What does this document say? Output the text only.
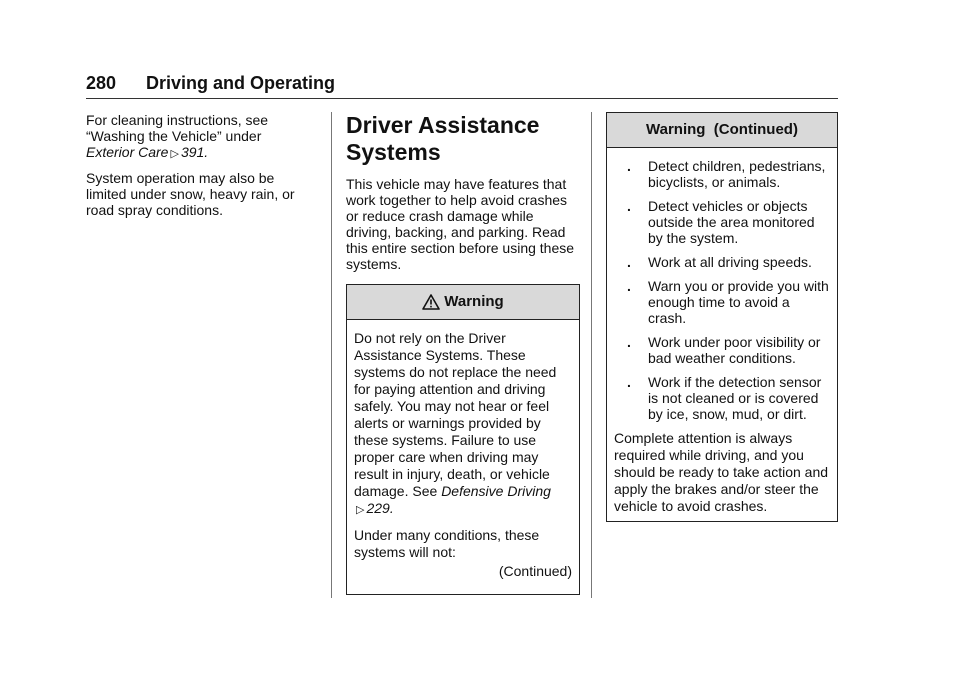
280 Driving and Operating

For cleaning instructions, see “Washing the Vehicle” under
Exterior Care ▷ 391.

System operation may also be limited under snow, heavy rain, or road spray conditions.

Driver Assistance Systems

This vehicle may have features that work together to help avoid crashes or reduce crash damage while driving, backing, and parking. Read this entire section before using these systems.

Warning

Do not rely on the Driver Assistance Systems. These systems do not replace the need for paying attention and driving safely. You may not hear or feel alerts or warnings provided by these systems. Failure to use proper care when driving may result in injury, death, or vehicle damage. See Defensive Driving
▷ 229.

Under many conditions, these systems will not:

(Continued)

Warning  (Continued)
. Detect children, pedestrians, bicyclists, or animals.
. Detect vehicles or objects outside the area monitored by the system.
. Work at all driving speeds.
. Warn you or provide you with enough time to avoid a crash.
. Work under poor visibility or bad weather conditions.
. Work if the detection sensor is not cleaned or is covered by ice, snow, mud, or dirt.

Complete attention is always required while driving, and you should be ready to take action and apply the brakes and/or steer the vehicle to avoid crashes.
